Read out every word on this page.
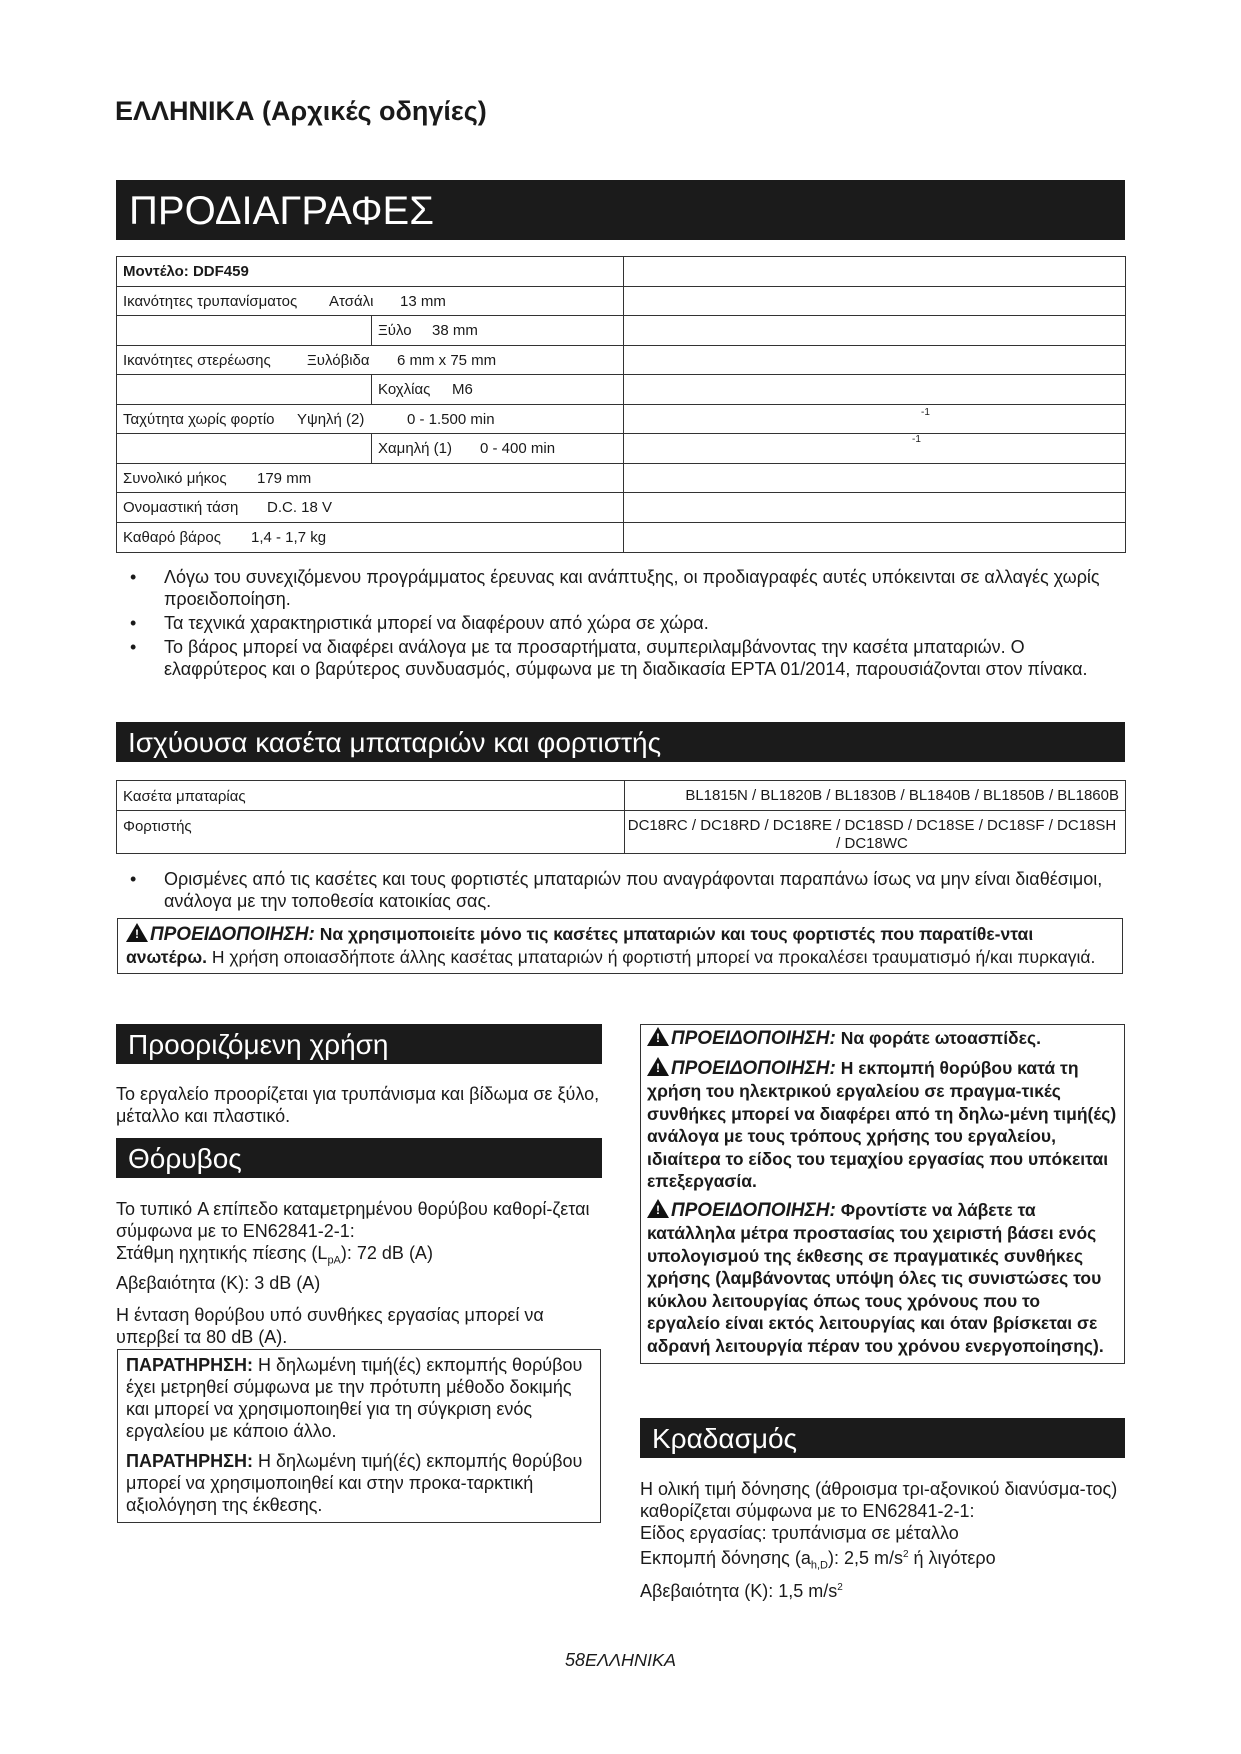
ΕΛΛΗΝΙΚΑ (Αρχικές οδηγίες)
ΠΡΟΔΙΑΓΡΑΦΕΣ
Μοντέλο: DDF459
Ικανότητες τρυπανίσματος Ατσάλι 13 mm
Ξύλο 38 mm
Ικανότητες στερέωσης Ξυλόβιδα 6 mm x 75 mm
Κοχλίας M6
Ταχύτητα χωρίς φορτίο Υψηλή (2)	0 - 1.500 min	-1
Χαμηλή (1) 0 - 400 min
-1
Συνολικό μήκος 179 mm
Ονομαστική τάση D.C. 18 V
Καθαρό βάρος 1,4 - 1,7 kg
• Λόγω του συνεχιζόμενου προγράμματος έρευνας και ανάπτυξης, οι προδιαγραφές αυτές υπόκεινται σε αλλαγές χωρίς προειδοποίηση.
• Τα τεχνικά χαρακτηριστικά μπορεί να διαφέρουν από χώρα σε χώρα.
• Το βάρος μπορεί να διαφέρει ανάλογα με τα προσαρτήματα, συμπεριλαμβάνοντας την κασέτα μπαταριών. Ο ελαφρύτερος και ο βαρύτερος συνδυασμός, σύμφωνα με τη διαδικασία EPTA 01/2014, παρουσιάζονται στον πίνακα.
Ισχύουσα κασέτα μπαταριών και φορτιστής
Κασέτα μπαταρίας	BL1815N / BL1820B / BL1830B / BL1840B / BL1850B / BL1860B
Φορτιστής	DC18RC / DC18RD / DC18RE / DC18SD / DC18SE / DC18SF / DC18SH / DC18WC
• Ορισμένες από τις κασέτες και τους φορτιστές μπαταριών που αναγράφονται παραπάνω ίσως να μην είναι διαθέσιμοι, ανάλογα με την τοποθεσία κατοικίας σας.
!ΠΡΟΕΙΔΟΠΟΙΗΣΗ: Να χρησιμοποιείτε μόνο τις κασέτες μπαταριών και τους φορτιστές που παρατίθε-νται ανωτέρω. Η χρήση οποιασδήποτε άλλης κασέτας μπαταριών ή φορτιστή μπορεί να προκαλέσει τραυματισμό ή/και πυρκαγιά.
Προοριζόμενη χρήση
Το εργαλείο προορίζεται για τρυπάνισμα και βίδωμα σε ξύλο, μέταλλο και πλαστικό.
Θόρυβος
Το τυπικό A επίπεδο καταμετρημένου θορύβου καθορί-ζεται σύμφωνα με το EN62841-2-1:
Στάθμη ηχητικής πίεσης $(L_{pA})$: 72 dB (A)
Αβεβαιότητα (K): 3 dB (A)
Η ένταση θορύβου υπό συνθήκες εργασίας μπορεί να υπερβεί τα 80 dB (A).
ΠΑΡΑΤΗΡΗΣΗ: Η δηλωμένη τιμή(ές) εκπομπής θορύβου έχει μετρηθεί σύμφωνα με την πρότυπη μέθοδο δοκιμής και μπορεί να χρησιμοποιηθεί για τη σύγκριση ενός εργαλείου με κάποιο άλλο.
ΠΑΡΑΤΗΡΗΣΗ: Η δηλωμένη τιμή(ές) εκπομπής θορύβου μπορεί να χρησιμοποιηθεί και στην προκα-ταρκτική αξιολόγηση της έκθεσης.
!ΠΡΟΕΙΔΟΠΟΙΗΣΗ: Να φοράτε ωτοασπίδες.
!ΠΡΟΕΙΔΟΠΟΙΗΣΗ: Η εκπομπή θορύβου κατά τη χρήση του ηλεκτρικού εργαλείου σε πραγμα-τικές συνθήκες μπορεί να διαφέρει από τη δηλω-μένη τιμή(ές) ανάλογα με τους τρόπους χρήσης του εργαλείου, ιδιαίτερα το είδος του τεμαχίου εργασίας που υπόκειται επεξεργασία.
!ΠΡΟΕΙΔΟΠΟΙΗΣΗ: Φροντίστε να λάβετε τα κατάλληλα μέτρα προστασίας του χειριστή βάσει ενός υπολογισμού της έκθεσης σε πραγματικές συνθήκες χρήσης (λαμβάνοντας υπόψη όλες τις συνιστώσες του κύκλου λειτουργίας όπως τους χρόνους που το εργαλείο είναι εκτός λειτουργίας και όταν βρίσκεται σε αδρανή λειτουργία πέραν του χρόνου ενεργοποίησης).
Κραδασμός
Η ολική τιμή δόνησης (άθροισμα τρι-αξονικού διανύσμα-τος) καθορίζεται σύμφωνα με το EN62841-2-1:
Είδος εργασίας: τρυπάνισμα σε μέταλλο
Εκπομπή δόνησης $(a_{h,D})$: 2,5 $m/s^2$ ή λιγότερο
Αβεβαιότητα (K): 1,5 $m/s^2$
58ΕΛΛΗΝΙΚΑ
